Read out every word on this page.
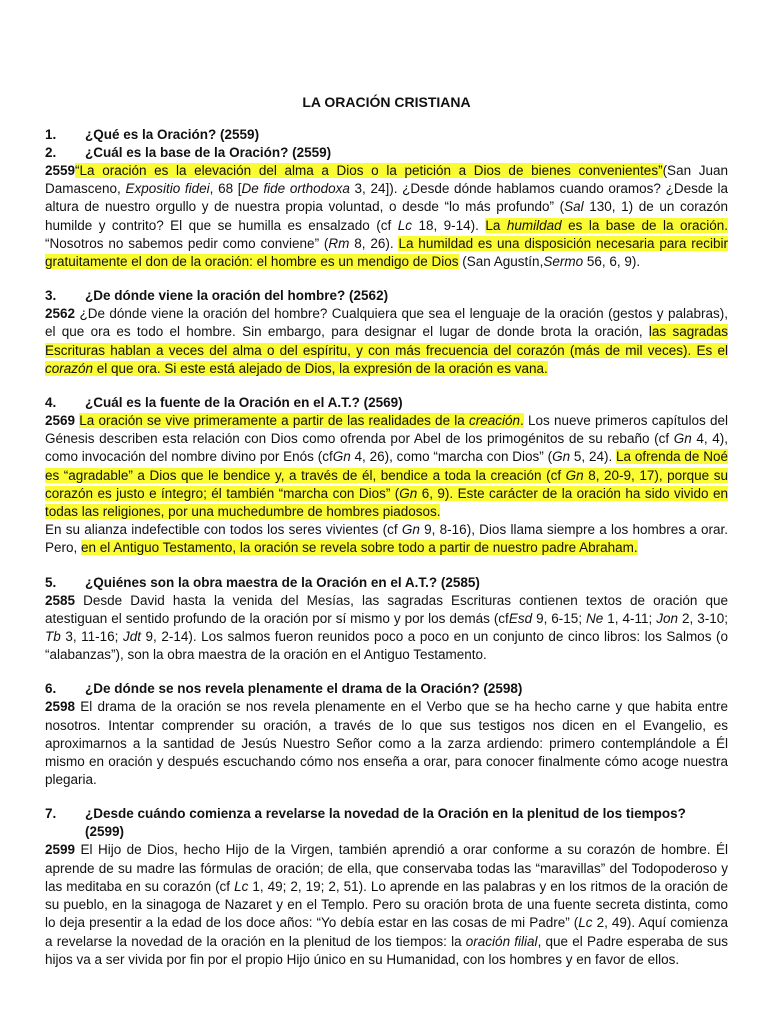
LA ORACIÓN CRISTIANA
1.	¿Qué es la Oración? (2559)
2.	¿Cuál es la base de la Oración? (2559)

2559“La oración es la elevación del alma a Dios o la petición a Dios de bienes convenientes”(San Juan Damasceno, Expositio fidei, 68 [De fide orthodoxa 3, 24]). ¿Desde dónde hablamos cuando oramos? ¿Desde la altura de nuestro orgullo y de nuestra propia voluntad, o desde “lo más profundo” (Sal 130, 1) de un corazón humilde y contrito? El que se humilla es ensalzado (cf Lc 18, 9-14). La humildad es la base de la oración. “Nosotros no sabemos pedir como conviene” (Rm 8, 26). La humildad es una disposición necesaria para recibir gratuitamente el don de la oración: el hombre es un mendigo de Dios (San Agustín,Sermo 56, 6, 9).

3.	¿De dónde viene la oración del hombre? (2562)

2562 ¿De dónde viene la oración del hombre? Cualquiera que sea el lenguaje de la oración (gestos y palabras), el que ora es todo el hombre. Sin embargo, para designar el lugar de donde brota la oración, las sagradas Escrituras hablan a veces del alma o del espíritu, y con más frecuencia del corazón (más de mil veces). Es el corazón el que ora. Si este está alejado de Dios, la expresión de la oración es vana.

4.	¿Cuál es la fuente de la Oración en el A.T.? (2569)

2569 La oración se vive primeramente a partir de las realidades de la creación. Los nueve primeros capítulos del Génesis describen esta relación con Dios como ofrenda por Abel de los primogénitos de su rebaño (cf Gn 4, 4), como invocación del nombre divino por Enós (cfGn 4, 26), como “marcha con Dios” (Gn 5, 24). La ofrenda de Noé es “agradable” a Dios que le bendice y, a través de él, bendice a toda la creación (cf Gn 8, 20-9, 17), porque su corazón es justo e íntegro; él también “marcha con Dios” (Gn 6, 9). Este carácter de la oración ha sido vivido en todas las religiones, por una muchedumbre de hombres piadosos.

En su alianza indefectible con todos los seres vivientes (cf Gn 9, 8-16), Dios llama siempre a los hombres a orar. Pero, en el Antiguo Testamento, la oración se revela sobre todo a partir de nuestro padre Abraham.

5.	¿Quiénes son la obra maestra de la Oración en el A.T.? (2585)

2585 Desde David hasta la venida del Mesías, las sagradas Escrituras contienen textos de oración que atestiguan el sentido profundo de la oración por sí mismo y por los demás (cfEsd 9, 6-15; Ne 1, 4-11; Jon 2, 3-10; Tb 3, 11-16; Jdt 9, 2-14). Los salmos fueron reunidos poco a poco en un conjunto de cinco libros: los Salmos (o “alabanzas”), son la obra maestra de la oración en el Antiguo Testamento.

6.	¿De dónde se nos revela plenamente el drama de la Oración? (2598)

2598 El drama de la oración se nos revela plenamente en el Verbo que se ha hecho carne y que habita entre nosotros. Intentar comprender su oración, a través de lo que sus testigos nos dicen en el Evangelio, es aproximarnos a la santidad de Jesús Nuestro Señor como a la zarza ardiendo: primero contemplándole a Él mismo en oración y después escuchando cómo nos enseña a orar, para conocer finalmente cómo acoge nuestra plegaria.

7.	¿Desde cuándo comienza a revelarse la novedad de la Oración en la plenitud de los tiempos? (2599)

2599 El Hijo de Dios, hecho Hijo de la Virgen, también aprendió a orar conforme a su corazón de hombre. Él aprende de su madre las fórmulas de oración; de ella, que conservaba todas las “maravillas” del Todopoderoso y las meditaba en su corazón (cf Lc 1, 49; 2, 19; 2, 51). Lo aprende en las palabras y en los ritmos de la oración de su pueblo, en la sinagoga de Nazaret y en el Templo. Pero su oración brota de una fuente secreta distinta, como lo deja presentir a la edad de los doce años: “Yo debía estar en las cosas de mi Padre” (Lc 2, 49). Aquí comienza a revelarse la novedad de la oración en la plenitud de los tiempos: la oración filial, que el Padre esperaba de sus hijos va a ser vivida por fin por el propio Hijo único en su Humanidad, con los hombres y en favor de ellos.
